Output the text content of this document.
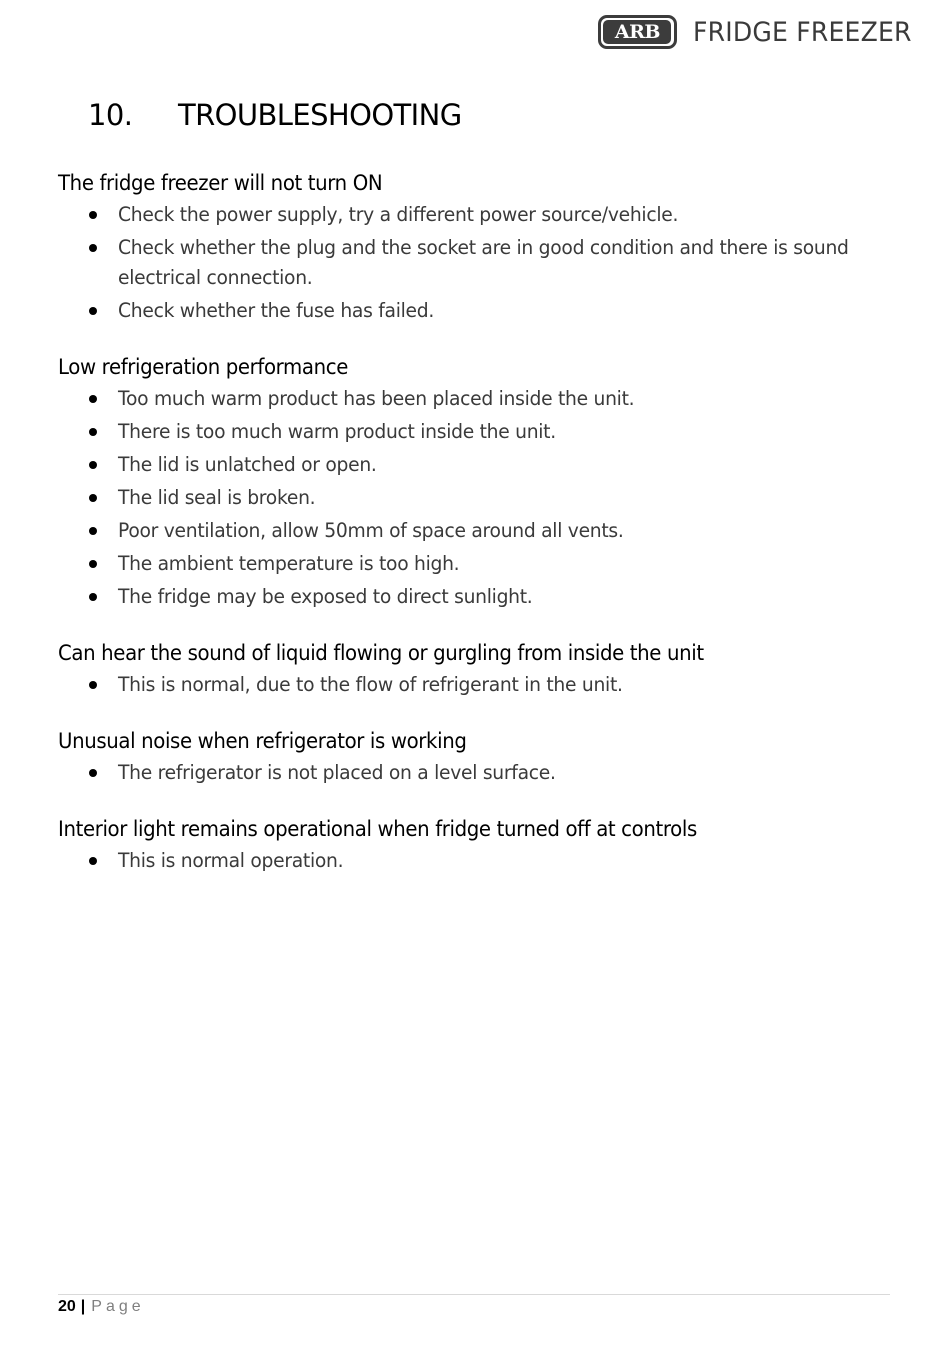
ARB	FRIDGE FREEZER
10. TROUBLESHOOTING
The fridge freezer will not turn ON
Check the power supply, try a different power source/vehicle.
Check whether the plug and the socket are in good condition and there is sound electrical connection.
Check whether the fuse has failed.
Low refrigeration performance
Too much warm product has been placed inside the unit.
There is too much warm product inside the unit.
The lid is unlatched or open.
The lid seal is broken.
Poor ventilation, allow 50mm of space around all vents.
The ambient temperature is too high.
The fridge may be exposed to direct sunlight.
Can hear the sound of liquid flowing or gurgling from inside the unit
This is normal, due to the flow of refrigerant in the unit.
Unusual noise when refrigerator is working
The refrigerator is not placed on a level surface.
Interior light remains operational when fridge turned off at controls
This is normal operation.
20 | Page
